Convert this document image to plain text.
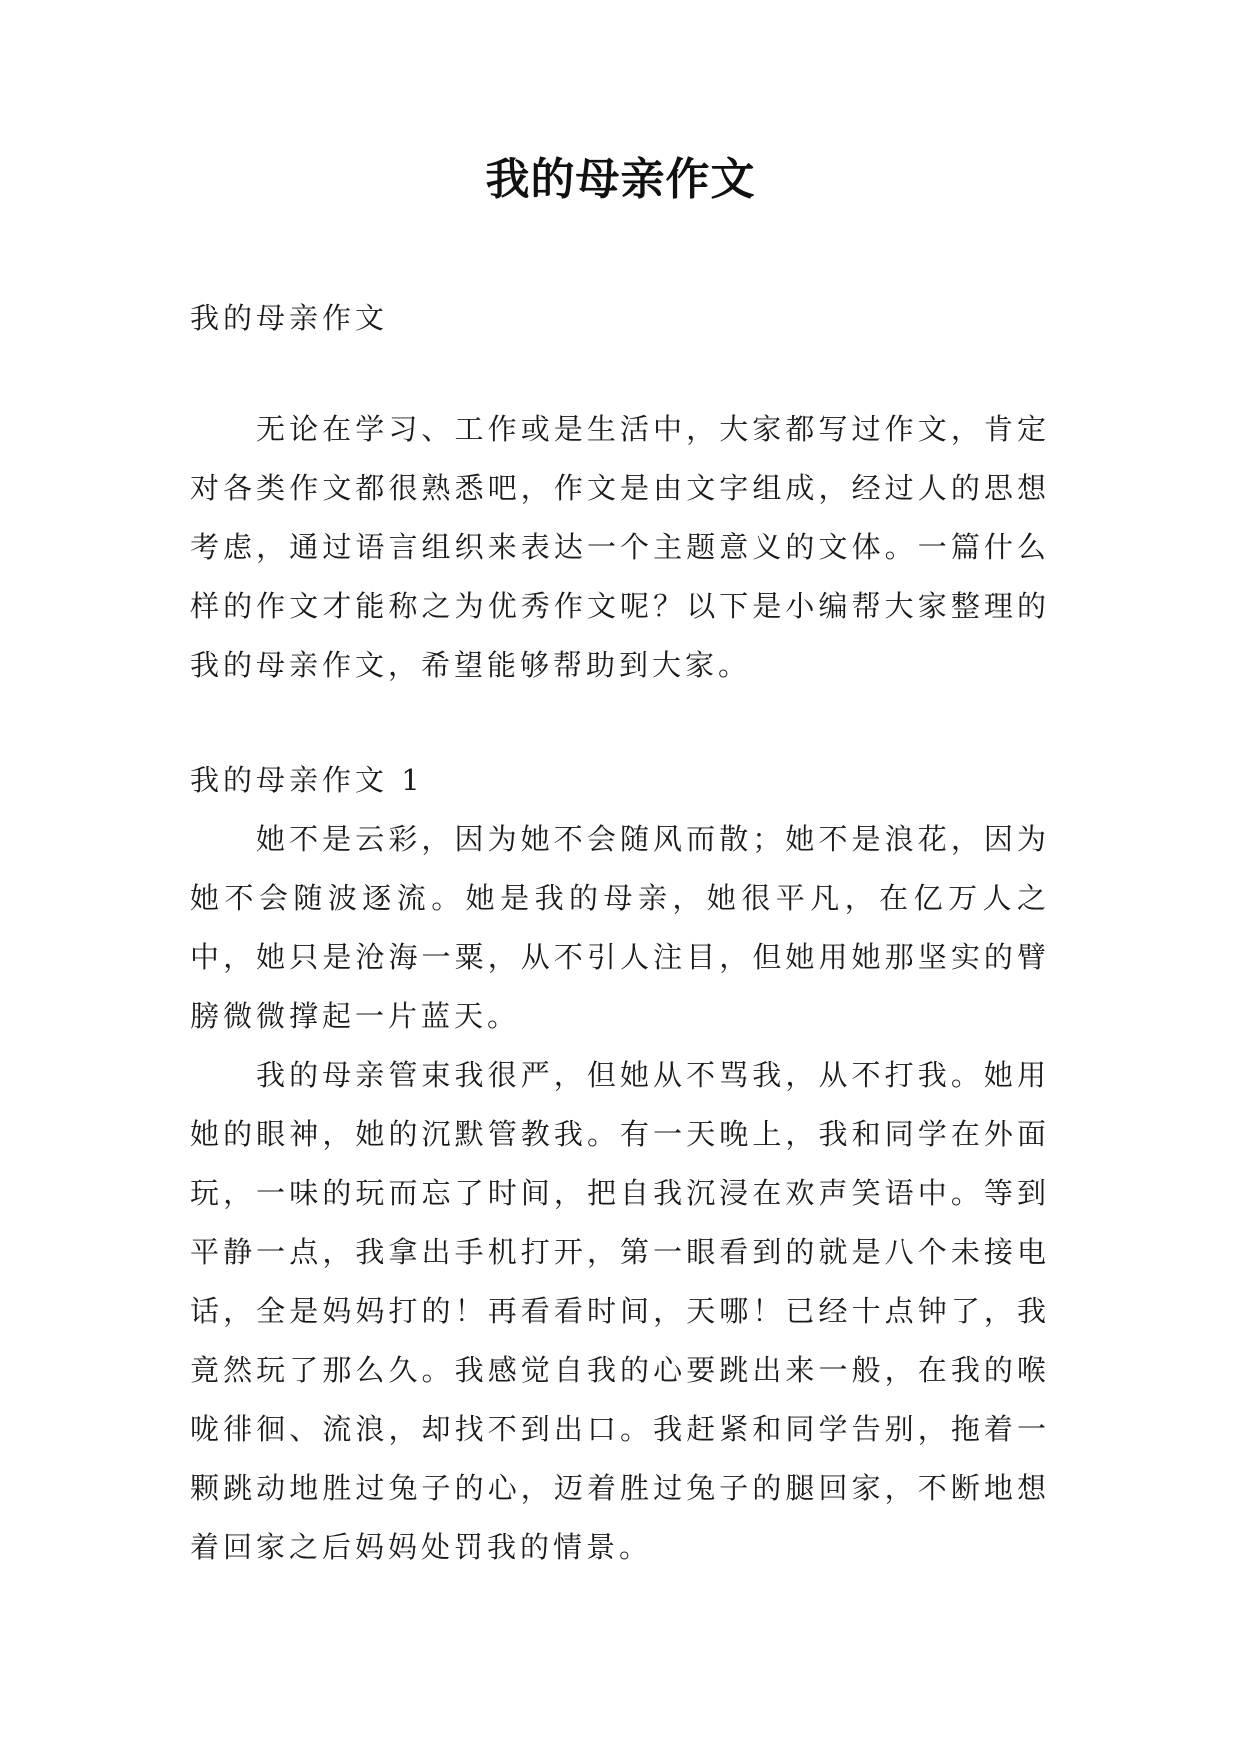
我的母亲作文

我的母亲作文

无论在学习、工作或是生活中，大家都写过作文，肯定对各类作文都很熟悉吧，作文是由文字组成，经过人的思想考虑，通过语言组织来表达一个主题意义的文体。一篇什么样的作文才能称之为优秀作文呢？以下是小编帮大家整理的我的母亲作文，希望能够帮助到大家。

我的母亲作文 1

她不是云彩，因为她不会随风而散；她不是浪花，因为她不会随波逐流。她是我的母亲，她很平凡，在亿万人之中，她只是沧海一粟，从不引人注目，但她用她那坚实的臂膀微微撑起一片蓝天。

我的母亲管束我很严，但她从不骂我，从不打我。她用她的眼神，她的沉默管教我。有一天晚上，我和同学在外面玩，一味的玩而忘了时间，把自我沉浸在欢声笑语中。等到平静一点，我拿出手机打开，第一眼看到的就是八个未接电话，全是妈妈打的！再看看时间，天哪！已经十点钟了，我竟然玩了那么久。我感觉自我的心要跳出来一般，在我的喉咙徘徊、流浪，却找不到出口。我赶紧和同学告别，拖着一颗跳动地胜过兔子的心，迈着胜过兔子的腿回家，不断地想着回家之后妈妈处罚我的情景。
